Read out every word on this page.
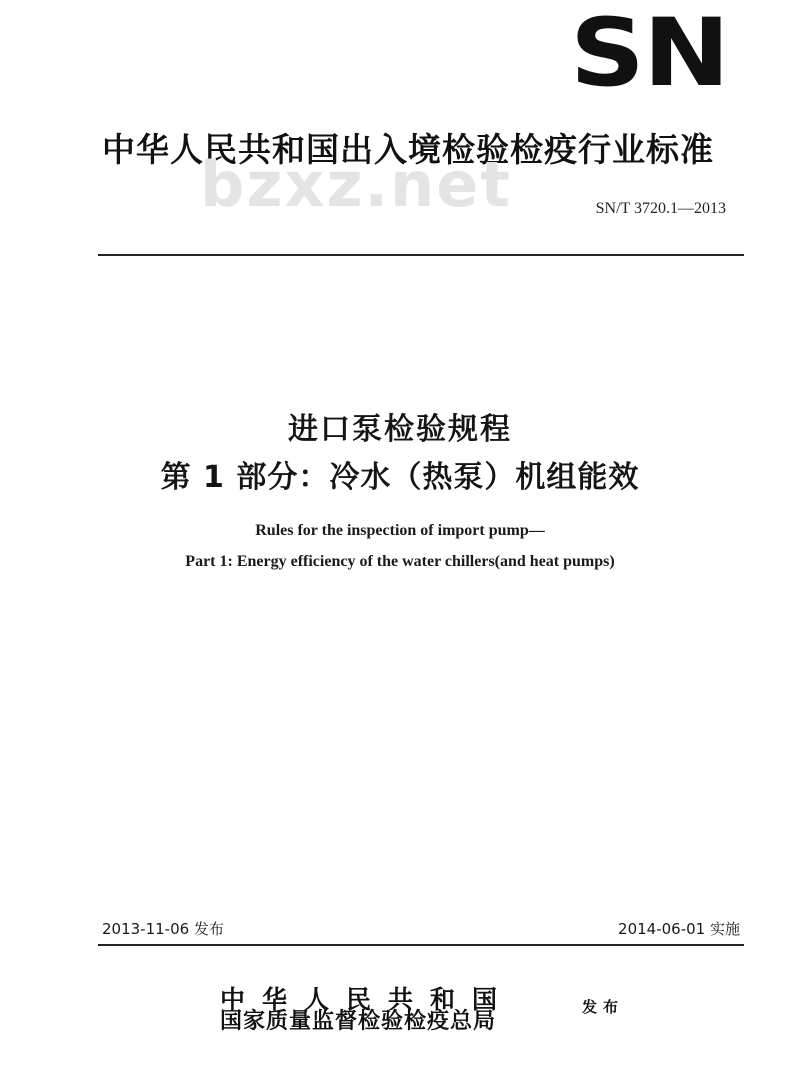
SN
中华人民共和国出入境检验检疫行业标准
bzxz.net	SN/T 3720.1—2013
进口泵检验规程
第 1 部分：冷水（热泵）机组能效
Rules for the inspection of import pump—
Part 1: Energy efficiency of the water chillers(and heat pumps)
2013-11-06 发布	2014-06-01 实施
中华人民共和国
国家质量监督检验检疫总局
发布
